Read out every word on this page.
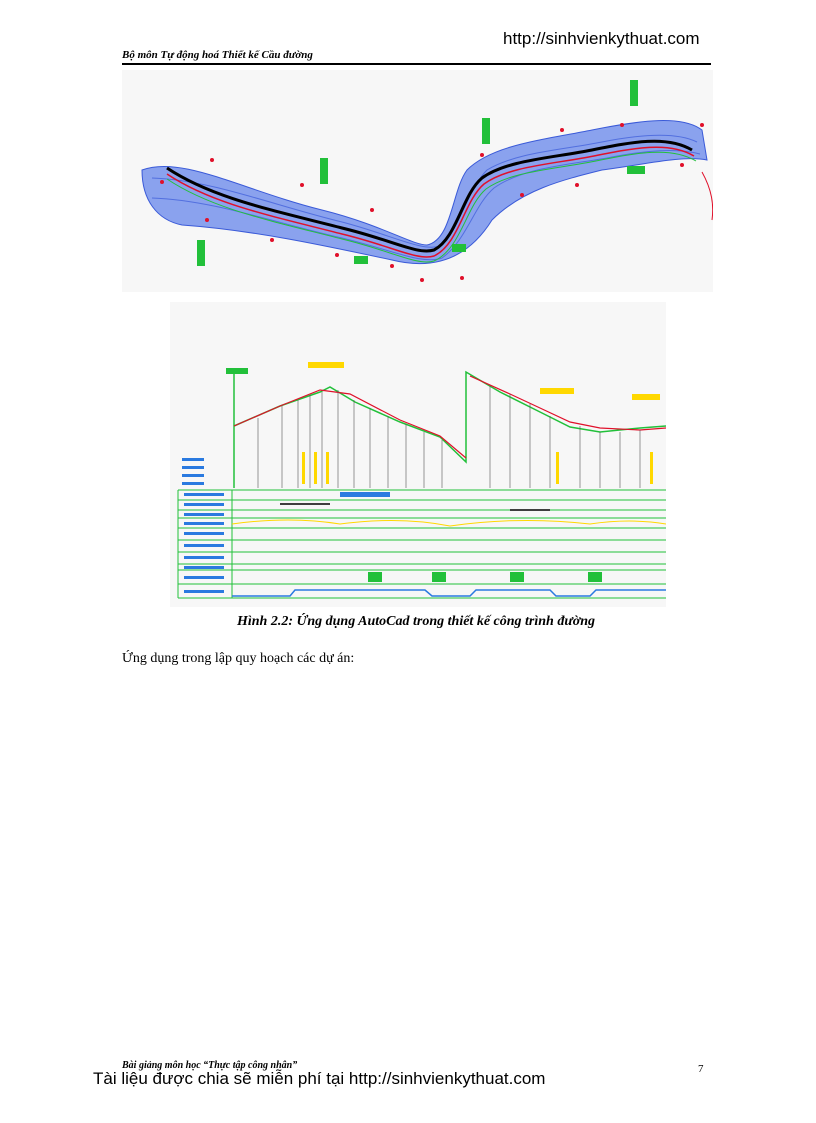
http://sinhvienkythuat.com
Bộ môn Tự động hoá Thiết kế Cầu đường
Hình 2.2: Ứng dụng AutoCad trong thiết kế công trình đường
Ứng dụng trong lập quy hoạch các dự án:
Bài giảng môn học “Thực tập công nhân”	7
Tài liệu được chia sẽ miễn phí tại http://sinhvienkythuat.com
